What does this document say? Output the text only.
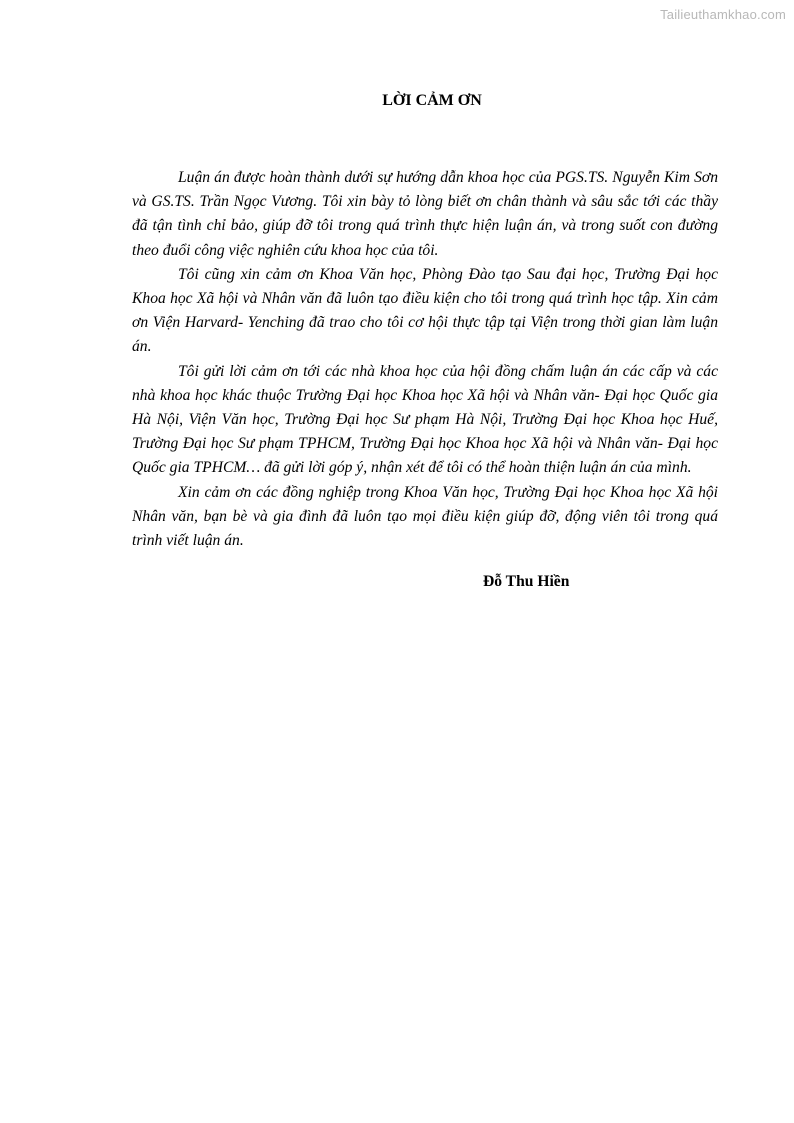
Tailieuthamkhao.com
LỜI CẢM ƠN

Luận án được hoàn thành dưới sự hướng dẫn khoa học của PGS.TS. Nguyễn Kim Sơn và GS.TS. Trần Ngọc Vương. Tôi xin bày tỏ lòng biết ơn chân thành và sâu sắc tới các thầy đã tận tình chỉ bảo, giúp đỡ tôi trong quá trình thực hiện luận án, và trong suốt con đường theo đuổi công việc nghiên cứu khoa học của tôi.

Tôi cũng xin cảm ơn Khoa Văn học, Phòng Đào tạo Sau đại học, Trường Đại học Khoa học Xã hội và Nhân văn đã luôn tạo điều kiện cho tôi trong quá trình học tập. Xin cảm ơn Viện Harvard- Yenching đã trao cho tôi cơ hội thực tập tại Viện trong thời gian làm luận án.

Tôi gửi lời cảm ơn tới các nhà khoa học của hội đồng chấm luận án các cấp và các nhà khoa học khác thuộc Trường Đại học Khoa học Xã hội và Nhân văn- Đại học Quốc gia Hà Nội, Viện Văn học, Trường Đại học Sư phạm Hà Nội, Trường Đại học Khoa học Huế, Trường Đại học Sư phạm TPHCM, Trường Đại học Khoa học Xã hội và Nhân văn- Đại học Quốc gia TPHCM… đã gửi lời góp ý, nhận xét để tôi có thể hoàn thiện luận án của mình.

Xin cảm ơn các đồng nghiệp trong Khoa Văn học, Trường Đại học Khoa học Xã hội Nhân văn, bạn bè và gia đình đã luôn tạo mọi điều kiện giúp đỡ, động viên tôi trong quá trình viết luận án.

Đỗ Thu Hiền
